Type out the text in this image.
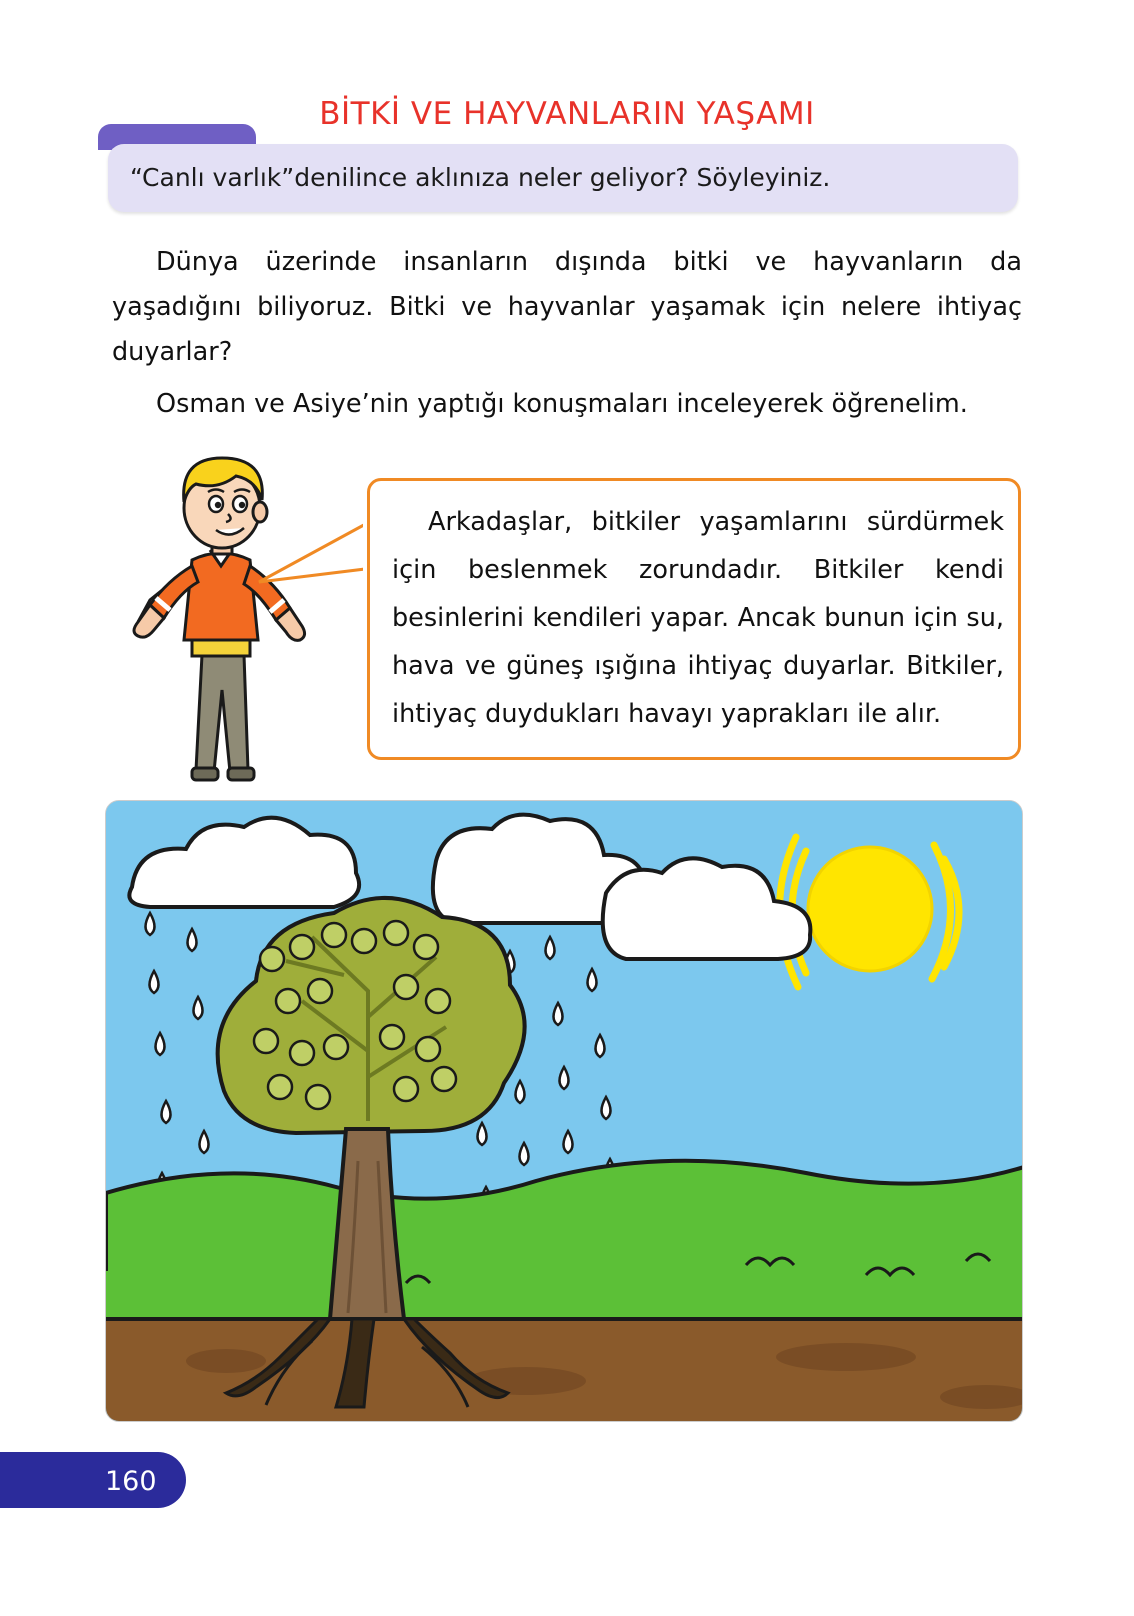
BİTKİ VE HAYVANLARIN YAŞAMI
“Canlı varlık”denilince aklınıza neler geliyor? Söyleyiniz.
Dünya üzerinde insanların dışında bitki ve hayvanların da yaşadığını biliyoruz. Bitki ve hayvanlar yaşamak için nelere ihtiyaç duyarlar?
Osman ve Asiye’nin yaptığı konuşmaları inceleyerek öğrenelim.
Arkadaşlar, bitkiler yaşamlarını sürdürmek için beslenmek zorundadır. Bitkiler kendi besinlerini kendileri yapar. Ancak bunun için su, hava ve güneş ışığına ihtiyaç duyarlar. Bitkiler, ihtiyaç duydukları havayı yaprakları ile alır.
160
